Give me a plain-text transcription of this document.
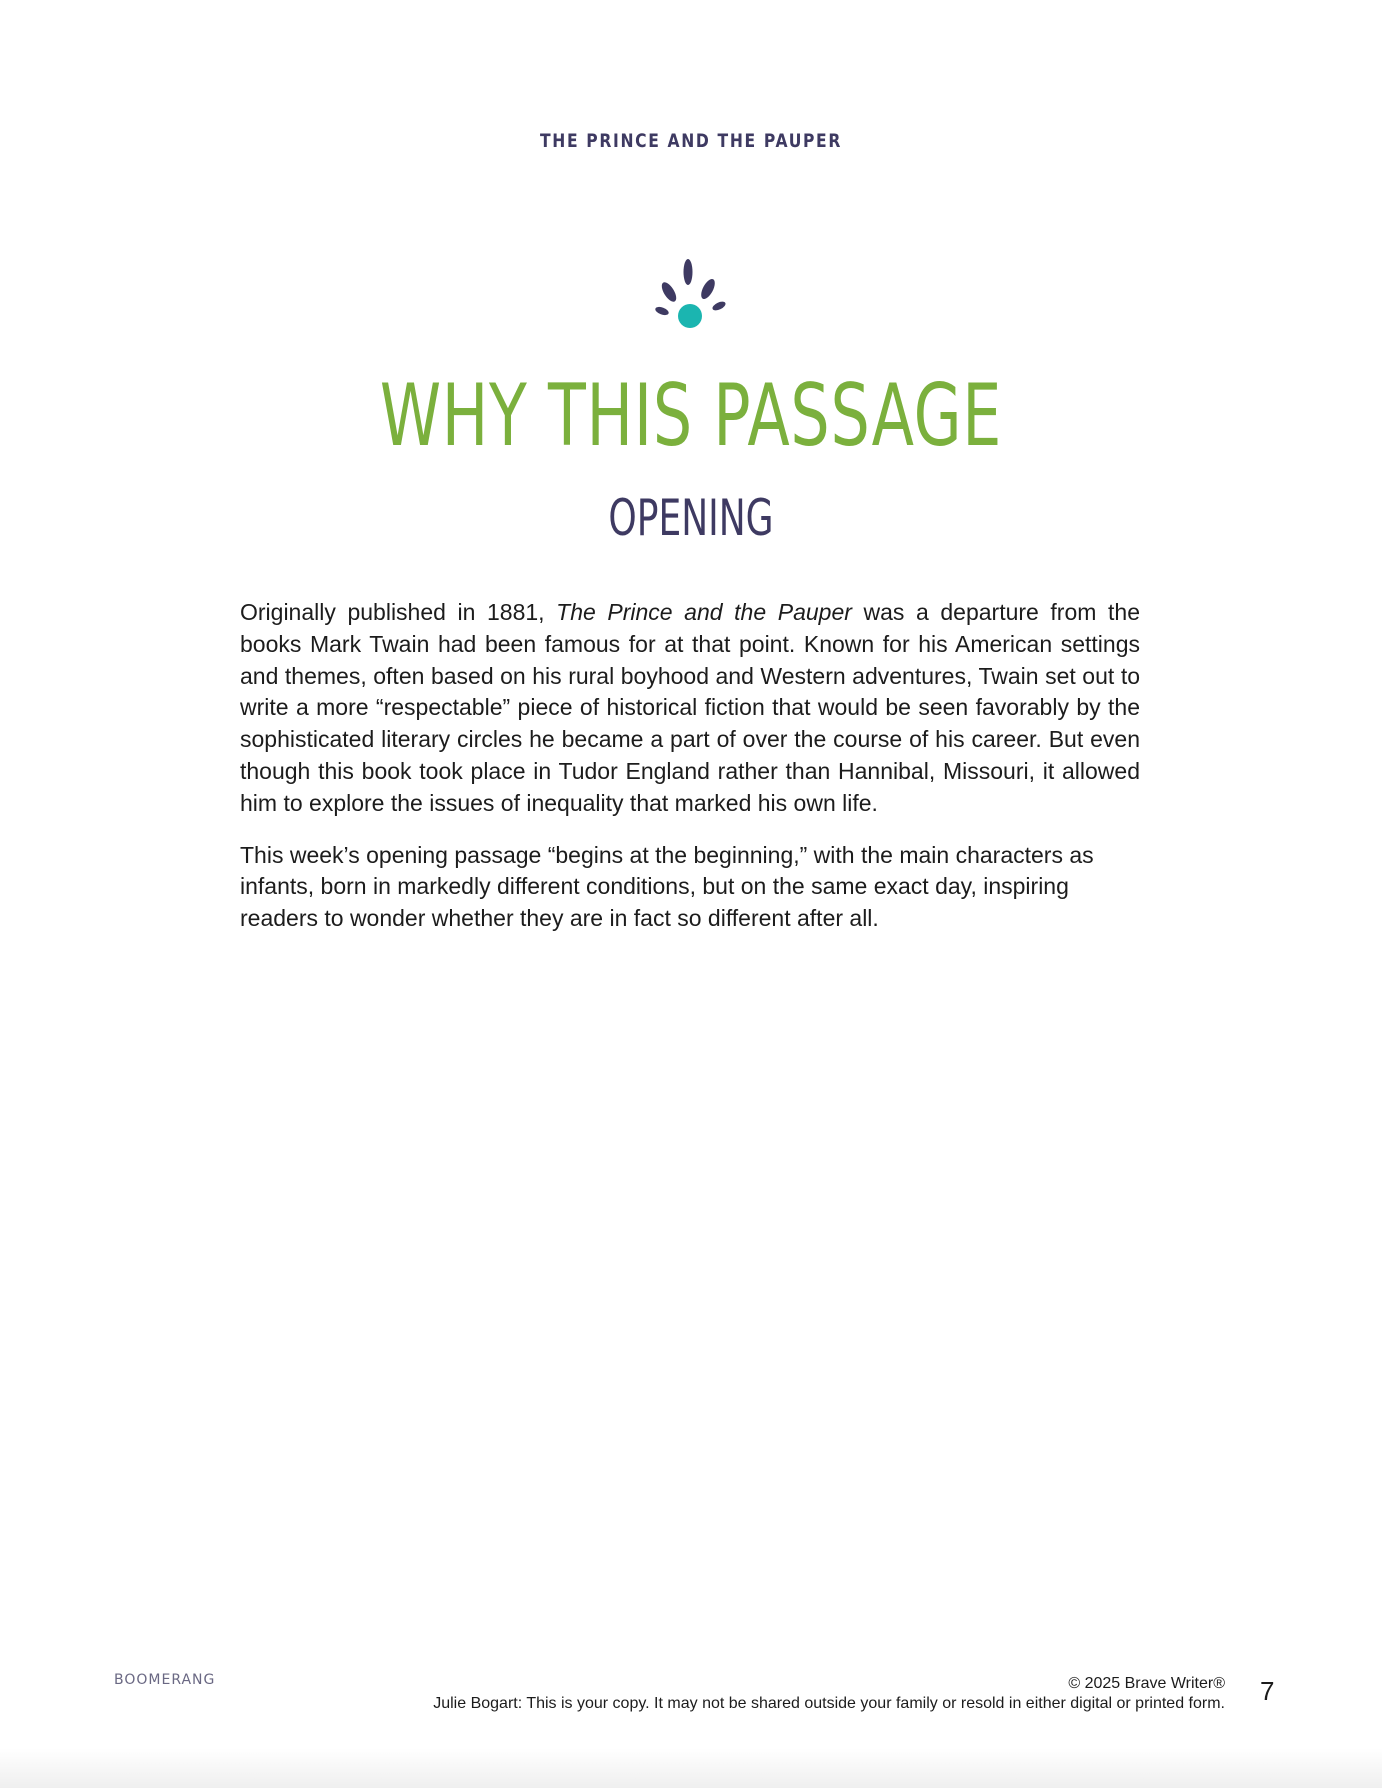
THE PRINCE AND THE PAUPER
WHY THIS PASSAGE
OPENING

Originally published in 1881, The Prince and the Pauper was a departure from the books Mark Twain had been famous for at that point. Known for his American settings and themes, often based on his rural boyhood and Western adventures, Twain set out to write a more “respectable” piece of historical fiction that would be seen favorably by the sophisticated literary circles he became a part of over the course of his career. But even though this book took place in Tudor England rather than Hannibal, Missouri, it allowed him to explore the issues of inequality that marked his own life.

This week’s opening passage “begins at the beginning,” with the main characters as infants, born in markedly different conditions, but on the same exact day, inspiring readers to wonder whether they are in fact so different after all.

BOOMERANG	© 2025 Brave Writer®
Julie Bogart: This is your copy. It may not be shared outside your family or resold in either digital or printed form. 7
